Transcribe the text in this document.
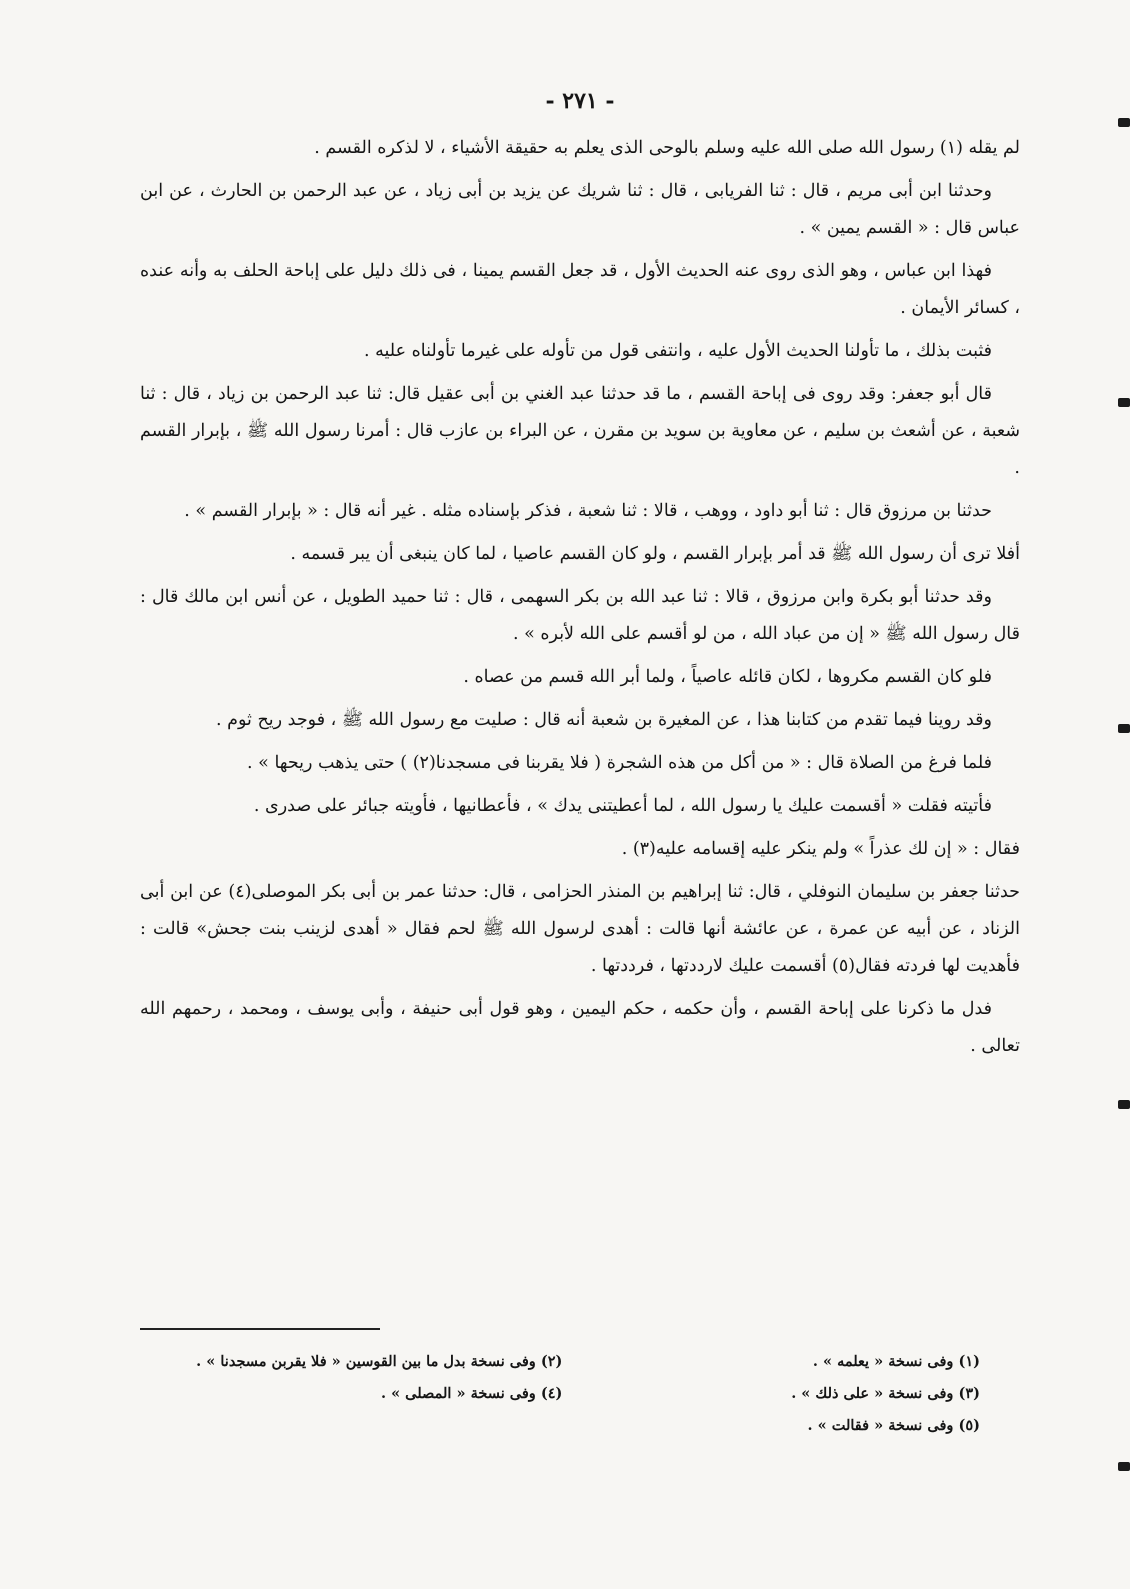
- ٢٧١ -

لم يقله (١) رسول الله صلى الله عليه وسلم بالوحى الذى يعلم به حقيقة الأشياء ، لا لذكره القسم .

وحدثنا ابن أبى مريم ، قال : ثنا الفريابى ، قال : ثنا شريك عن يزيد بن أبى زياد ، عن عبد الرحمن بن الحارث ، عن ابن عباس قال : « القسم يمين » .

فهذا ابن عباس ، وهو الذى روى عنه الحديث الأول ، قد جعل القسم يمينا ، فى ذلك دليل على إباحة الحلف به وأنه عنده ، كسائر الأيمان .

فثبت بذلك ، ما تأولنا الحديث الأول عليه ، وانتفى قول من تأوله على غيرما تأولناه عليه .

قال أبو جعفر: وقد روى فى إباحة القسم ، ما قد حدثنا عبد الغني بن أبى عقيل قال: ثنا عبد الرحمن بن زياد ، قال : ثنا شعبة ، عن أشعث بن سليم ، عن معاوية بن سويد بن مقرن ، عن البراء بن عازب قال : أمرنا رسول الله ﷺ ، بإبرار القسم .

حدثنا بن مرزوق قال : ثنا أبو داود ، ووهب ، قالا : ثنا شعبة ، فذكر بإسناده مثله . غير أنه قال : « بإبرار القسم » .

أفلا ترى أن رسول الله ﷺ قد أمر بإبرار القسم ، ولو كان القسم عاصيا ، لما كان ينبغى أن يبر قسمه .

وقد حدثنا أبو بكرة وابن مرزوق ، قالا : ثنا عبد الله بن بكر السهمى ، قال : ثنا حميد الطويل ، عن أنس ابن مالك قال : قال رسول الله ﷺ « إن من عباد الله ، من لو أقسم على الله لأبره » .

فلو كان القسم مكروها ، لكان قائله عاصياً ، ولما أبر الله قسم من عصاه .

وقد روينا فيما تقدم من كتابنا هذا ، عن المغيرة بن شعبة أنه قال : صليت مع رسول الله ﷺ ، فوجد ريح ثوم .

فلما فرغ من الصلاة قال : « من أكل من هذه الشجرة ( فلا يقربنا فى مسجدنا(٢) ) حتى يذهب ريحها » .

فأتيته فقلت « أقسمت عليك يا رسول الله ، لما أعطيتنى يدك » ، فأعطانيها ، فأويته جبائر على صدرى .

فقال : « إن لك عذراً » ولم ينكر عليه إقسامه عليه(٣) .

حدثنا جعفر بن سليمان النوفلي ، قال: ثنا إبراهيم بن المنذر الحزامى ، قال: حدثنا عمر بن أبى بكر الموصلى(٤) عن ابن أبى الزناد ، عن أبيه عن عمرة ، عن عائشة أنها قالت : أهدى لرسول الله ﷺ لحم فقال « أهدى لزينب بنت جحش» قالت : فأهديت لها فردته فقال(٥) أقسمت عليك لارددتها ، فرددتها .

فدل ما ذكرنا على إباحة القسم ، وأن حكمه ، حكم اليمين ، وهو قول أبى حنيفة ، وأبى يوسف ، ومحمد ، رحمهم الله تعالى .

(١) وفى نسخة « يعلمه » .
(٣) وفى نسخة « على ذلك » .
(٥) وفى نسخة « فقالت » .
(٢) وفى نسخة بدل ما بين القوسين « فلا يقربن مسجدنا » .
(٤) وفى نسخة « المصلى » .
